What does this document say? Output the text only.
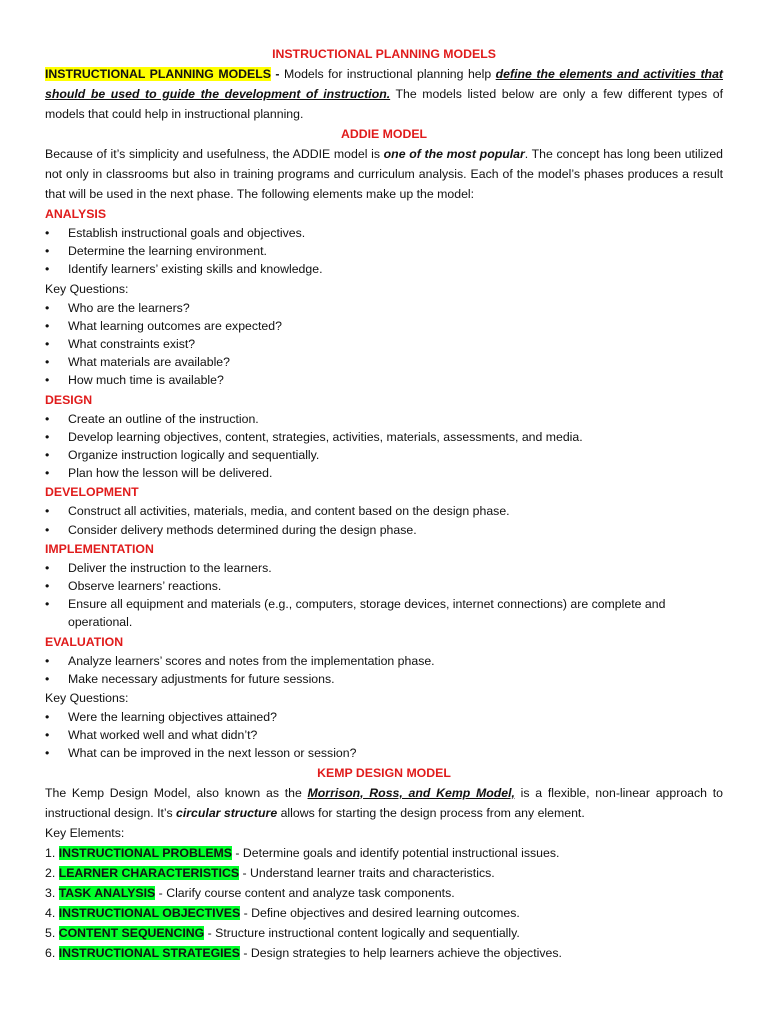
INSTRUCTIONAL PLANNING MODELS

INSTRUCTIONAL PLANNING MODELS - Models for instructional planning help define the elements and activities that should be used to guide the development of instruction. The models listed below are only a few different types of models that could help in instructional planning.

ADDIE MODEL

Because of it’s simplicity and usefulness, the ADDIE model is one of the most popular. The concept has long been utilized not only in classrooms but also in training programs and curriculum analysis. Each of the model’s phases produces a result that will be used in the next phase. The following elements make up the model:

ANALYSIS

• Establish instructional goals and objectives.
• Determine the learning environment.
• Identify learners’ existing skills and knowledge.

Key Questions:

• Who are the learners?
• What learning outcomes are expected?
• What constraints exist?
• What materials are available?
• How much time is available?

DESIGN

• Create an outline of the instruction.
• Develop learning objectives, content, strategies, activities, materials, assessments, and media.
• Organize instruction logically and sequentially.
• Plan how the lesson will be delivered.

DEVELOPMENT

• Construct all activities, materials, media, and content based on the design phase.
• Consider delivery methods determined during the design phase.

IMPLEMENTATION

• Deliver the instruction to the learners.
• Observe learners’ reactions.
• Ensure all equipment and materials (e.g., computers, storage devices, internet connections) are complete and operational.

EVALUATION

• Analyze learners’ scores and notes from the implementation phase.
• Make necessary adjustments for future sessions.

Key Questions:

• Were the learning objectives attained?
• What worked well and what didn’t?
• What can be improved in the next lesson or session?

KEMP DESIGN MODEL

The Kemp Design Model, also known as the Morrison, Ross, and Kemp Model, is a flexible, non-linear approach to instructional design. It’s circular structure allows for starting the design process from any element.

Key Elements:

1. INSTRUCTIONAL PROBLEMS - Determine goals and identify potential instructional issues.

2. LEARNER CHARACTERISTICS - Understand learner traits and characteristics.

3. TASK ANALYSIS - Clarify course content and analyze task components.

4. INSTRUCTIONAL OBJECTIVES - Define objectives and desired learning outcomes.

5. CONTENT SEQUENCING - Structure instructional content logically and sequentially.

6. INSTRUCTIONAL STRATEGIES - Design strategies to help learners achieve the objectives.
